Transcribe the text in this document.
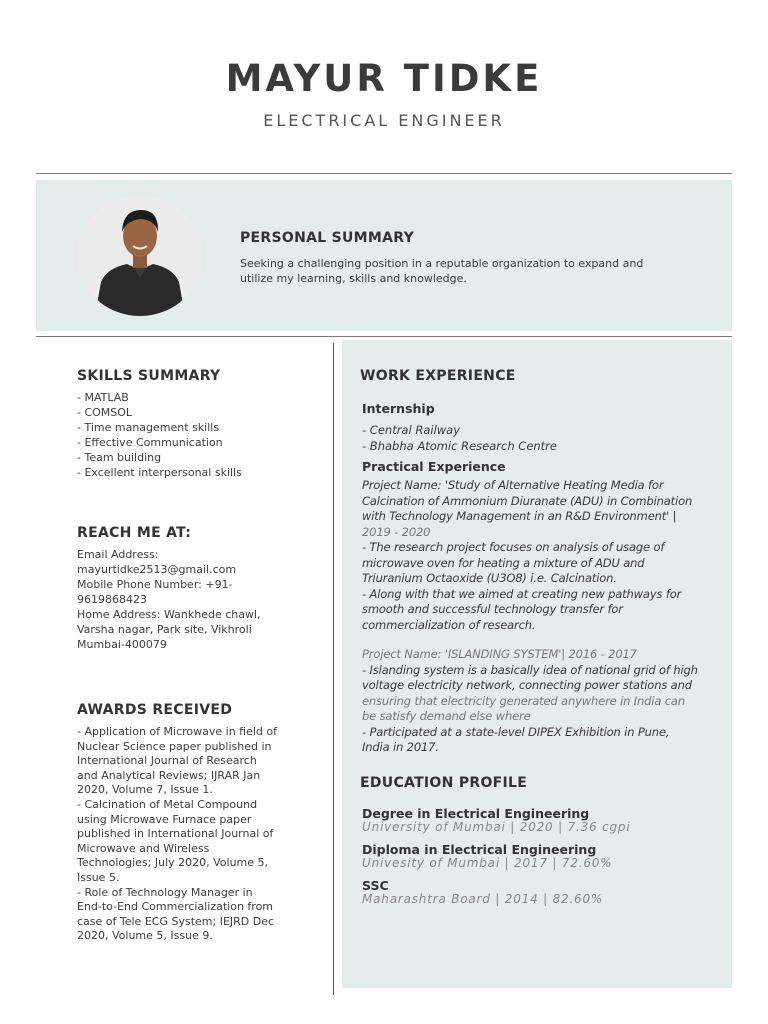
MAYUR TIDKE
ELECTRICAL ENGINEER
PERSONAL SUMMARY
Seeking a challenging position in a reputable organization to expand and
utilize my learning, skills and knowledge.
SKILLS SUMMARY
- MATLAB
- COMSOL
- Time management skills
- Effective Communication
- Team building
- Excellent interpersonal skills
REACH ME AT:
Email Address:
mayurtidke2513@gmail.com
Mobile Phone Number: +91-
9619868423
Home Address: Wankhede chawl,
Varsha nagar, Park site, Vikhroli
Mumbai-400079
AWARDS RECEIVED
- Application of Microwave in field of
Nuclear Science paper published in
International Journal of Research
and Analytical Reviews; IJRAR Jan
2020, Volume 7, Issue 1.
- Calcination of Metal Compound
using Microwave Furnace paper
published in International Journal of
Microwave and Wireless
Technologies; July 2020, Volume 5,
Issue 5.
- Role of Technology Manager in
End-to-End Commercialization from
case of Tele ECG System; IEJRD Dec
2020, Volume 5, Issue 9.
WORK EXPERIENCE
Internship
- Central Railway
- Bhabha Atomic Research Centre
Practical Experience
Project Name: 'Study of Alternative Heating Media for
Calcination of Ammonium Diuranate (ADU) in Combination
with Technology Management in an R&D Environment' |
2019 - 2020
- The research project focuses on analysis of usage of
microwave oven for heating a mixture of ADU and
Triuranium Octaoxide (U3O8) i.e. Calcination.
- Along with that we aimed at creating new pathways for
smooth and successful technology transfer for
commercialization of research.
Project Name: 'ISLANDING SYSTEM'| 2016 - 2017
- Islanding system is a basically idea of national grid of high
voltage electricity network, connecting power stations and
ensuring that electricity generated anywhere in India can
be satisfy demand else where
- Participated at a state-level DIPEX Exhibition in Pune,
India in 2017.
EDUCATION PROFILE
Degree in Electrical Engineering
University of Mumbai | 2020 | 7.36 cgpi
Diploma in Electrical Engineering
Univesity of Mumbai | 2017 | 72.60%
SSC
Maharashtra Board | 2014 | 82.60%
